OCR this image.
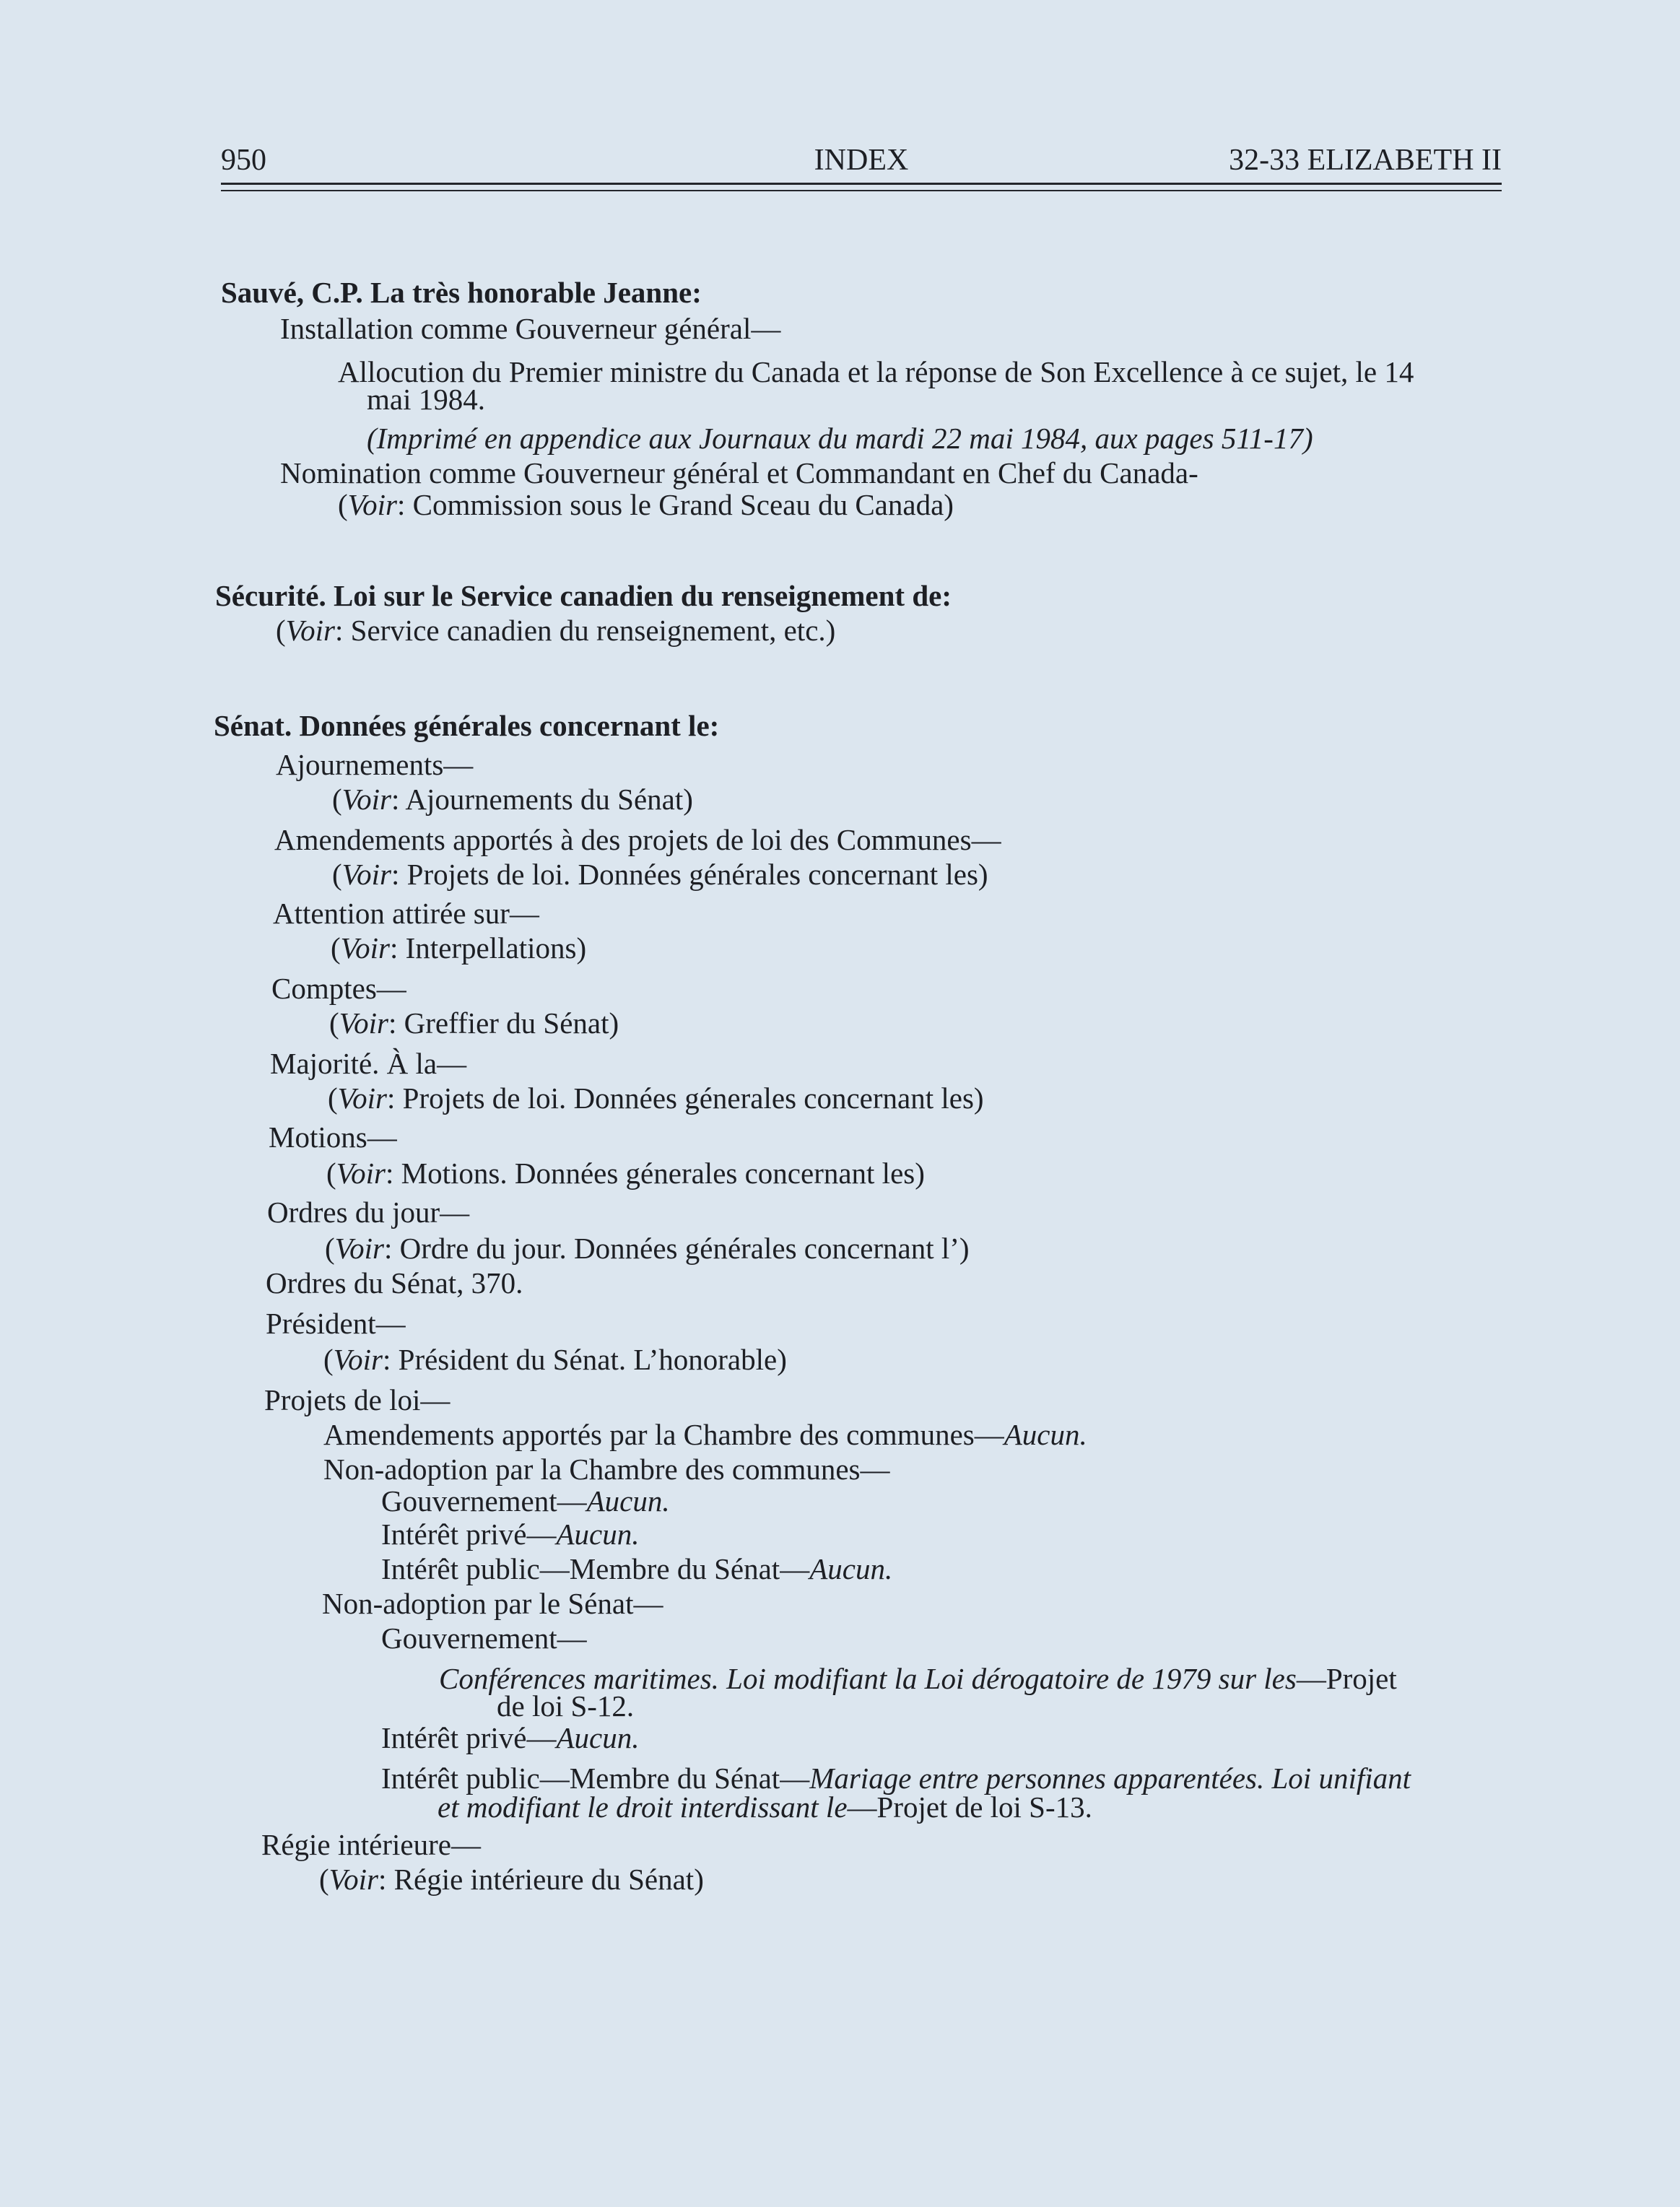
950	INDEX	32-33 ELIZABETH II
Sauvé, C.P. La très honorable Jeanne:
Installation comme Gouverneur général—
Allocution du Premier ministre du Canada et la réponse de Son Excellence à ce sujet, le 14
mai 1984.
(Imprimé en appendice aux Journaux du mardi 22 mai 1984, aux pages 511-17)
Nomination comme Gouverneur général et Commandant en Chef du Canada-
(Voir: Commission sous le Grand Sceau du Canada)
Sécurité. Loi sur le Service canadien du renseignement de:
(Voir: Service canadien du renseignement, etc.)
Sénat. Données générales concernant le:
Ajournements—
(Voir: Ajournements du Sénat)
Amendements apportés à des projets de loi des Communes—
(Voir: Projets de loi. Données générales concernant les)
Attention attirée sur—
(Voir: Interpellations)
Comptes—
(Voir: Greffier du Sénat)
Majorité. À la—
(Voir: Projets de loi. Données génerales concernant les)
Motions—
(Voir: Motions. Données génerales concernant les)
Ordres du jour—
(Voir: Ordre du jour. Données générales concernant l’)
Ordres du Sénat, 370.
Président—
(Voir: Président du Sénat. L’honorable)
Projets de loi—
Amendements apportés par la Chambre des communes—Aucun.
Non-adoption par la Chambre des communes—
Gouvernement—Aucun.
Intérêt privé—Aucun.
Intérêt public—Membre du Sénat—Aucun.
Non-adoption par le Sénat—
Gouvernement—
Conférences maritimes. Loi modifiant la Loi dérogatoire de 1979 sur les—Projet
de loi S-12.
Intérêt privé—Aucun.
Intérêt public—Membre du Sénat—Mariage entre personnes apparentées. Loi unifiant
et modifiant le droit interdissant le—Projet de loi S-13.
Régie intérieure—
(Voir: Régie intérieure du Sénat)
